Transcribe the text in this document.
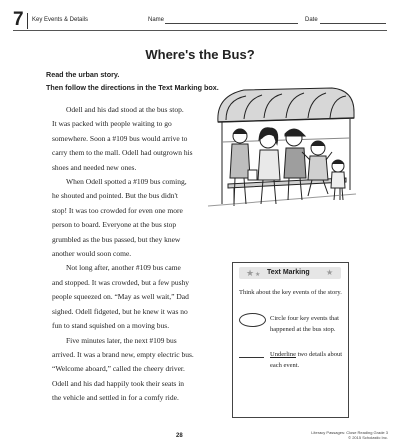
7 Key Events & Details	Name	Date
Where's the Bus?
Read the urban story.
Then follow the directions in the Text Marking box.

Odell and his dad stood at the bus stop.
It was packed with people waiting to go
somewhere. Soon a #109 bus would arrive to
carry them to the mall. Odell had outgrown his
shoes and needed new ones.

When Odell spotted a #109 bus coming,
he shouted and pointed. But the bus didn't
stop! It was too crowded for even one more
person to board. Everyone at the bus stop
grumbled as the bus passed, but they knew
another would soon come.

Not long after, another #109 bus came
and stopped. It was crowded, but a few pushy
people squeezed on. “May as well wait,” Dad
sighed. Odell fidgeted, but he knew it was no
fun to stand squished on a moving bus.

Five minutes later, the next #109 bus
arrived. It was a brand new, empty electric bus.
“Welcome aboard,” called the cheery driver.
Odell and his dad happily took their seats in
the vehicle and settled in for a comfy ride.

★ ★ Text Marking ★
Think about the key events of the story.
Circle four key events that happened at the bus stop.
Underline two details about each event.
28
Literacy Passages: Close Reading Grade 3
© 2015 Scholastic Inc.
